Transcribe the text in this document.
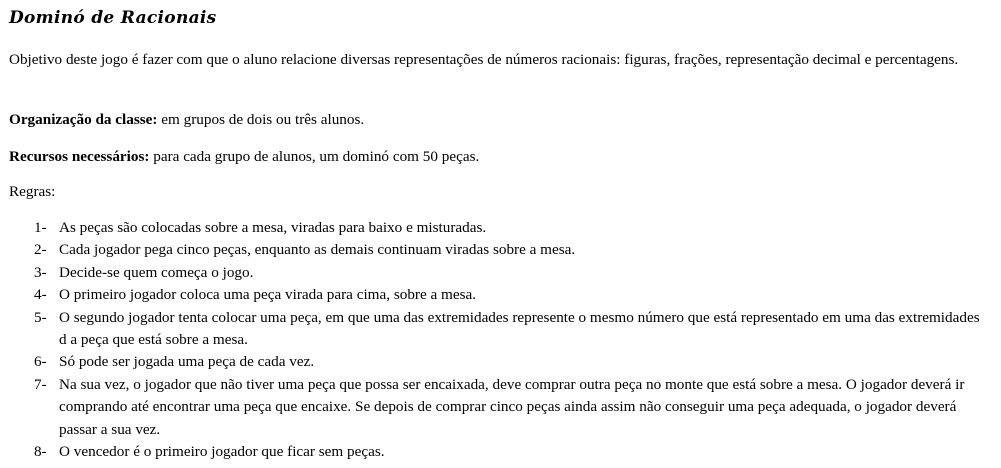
Dominó de Racionais

Objetivo deste jogo é fazer com que o aluno relacione diversas representações de números racionais: figuras, frações, representação decimal e percentagens.

Organização da classe: em grupos de dois ou três alunos.

Recursos necessários: para cada grupo de alunos, um dominó com 50 peças.

Regras:

1- As peças são colocadas sobre a mesa, viradas para baixo e misturadas.
2- Cada jogador pega cinco peças, enquanto as demais continuam viradas sobre a mesa.
3- Decide-se quem começa o jogo.
4- O primeiro jogador coloca uma peça virada para cima, sobre a mesa.
5- O segundo jogador tenta colocar uma peça, em que uma das extremidades represente o mesmo número que está representado em uma das extremidades d a peça que está sobre a mesa.
6- Só pode ser jogada uma peça de cada vez.
7- Na sua vez, o jogador que não tiver uma peça que possa ser encaixada, deve comprar outra peça no monte que está sobre a mesa. O jogador deverá ir comprando até encontrar uma peça que encaixe. Se depois de comprar cinco peças ainda assim não conseguir uma peça adequada, o jogador deverá passar a sua vez.
8- O vencedor é o primeiro jogador que ficar sem peças.
